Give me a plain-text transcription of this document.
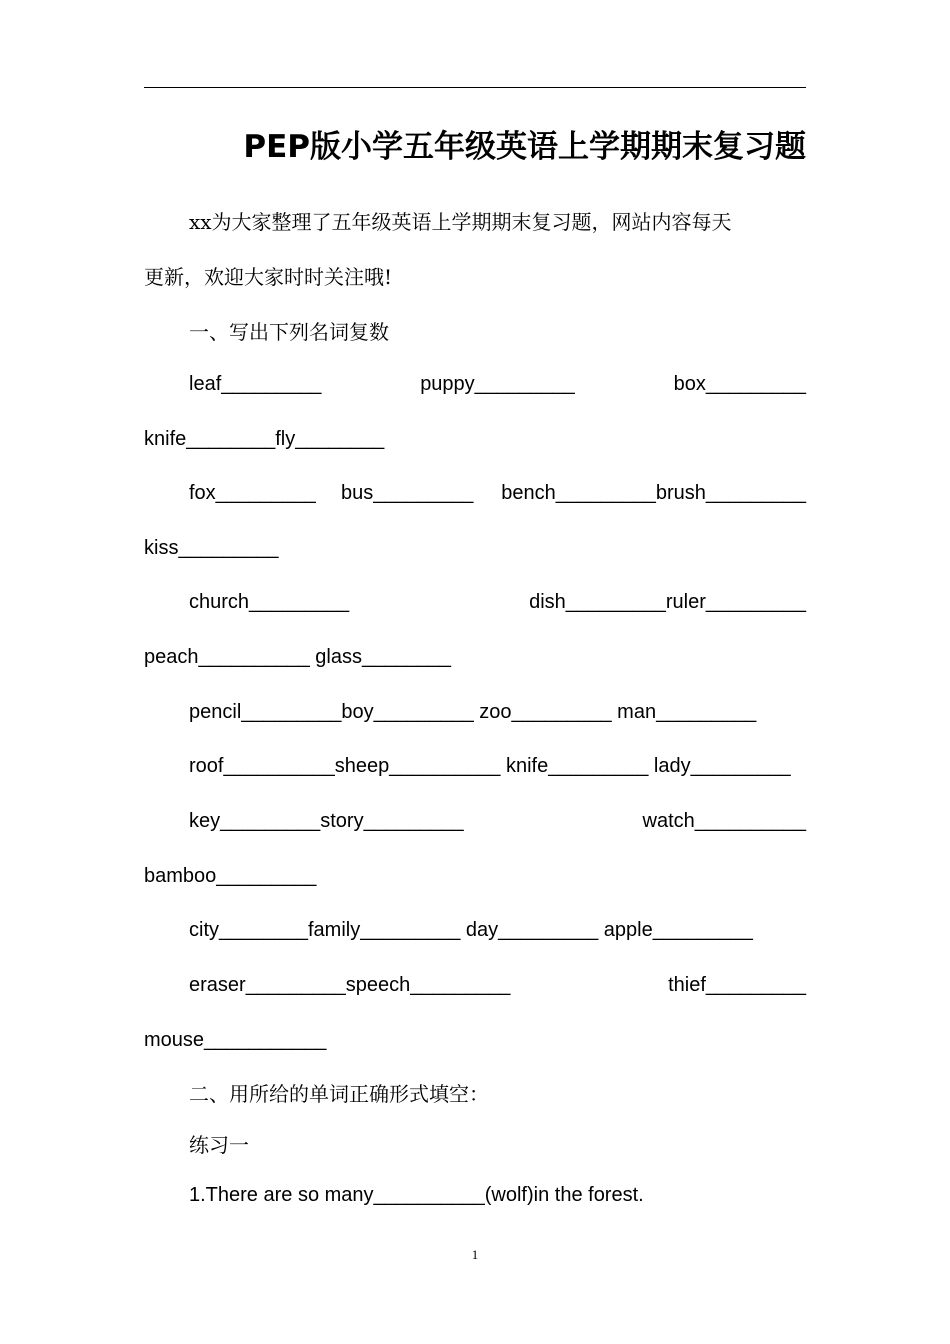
PEP版小学五年级英语上学期期末复习题
xx为大家整理了五年级英语上学期期末复习题，网站内容每天
更新，欢迎大家时时关注哦!
一、写出下列名词复数
leaf_________	puppy_________	box_________
knife________fly________
fox_________ bus_________ bench_________brush_________
kiss_________
church_________	dish_________ruler_________
peach__________ glass________
pencil_________boy_________ zoo_________ man_________
roof__________sheep__________ knife_________ lady_________
key_________story_________	watch__________
bamboo_________
city________family_________ day_________ apple_________
eraser_________speech_________	thief_________
mouse___________
二、用所给的单词正确形式填空：
练习一
1.There are so many__________(wolf)in the forest.
1
